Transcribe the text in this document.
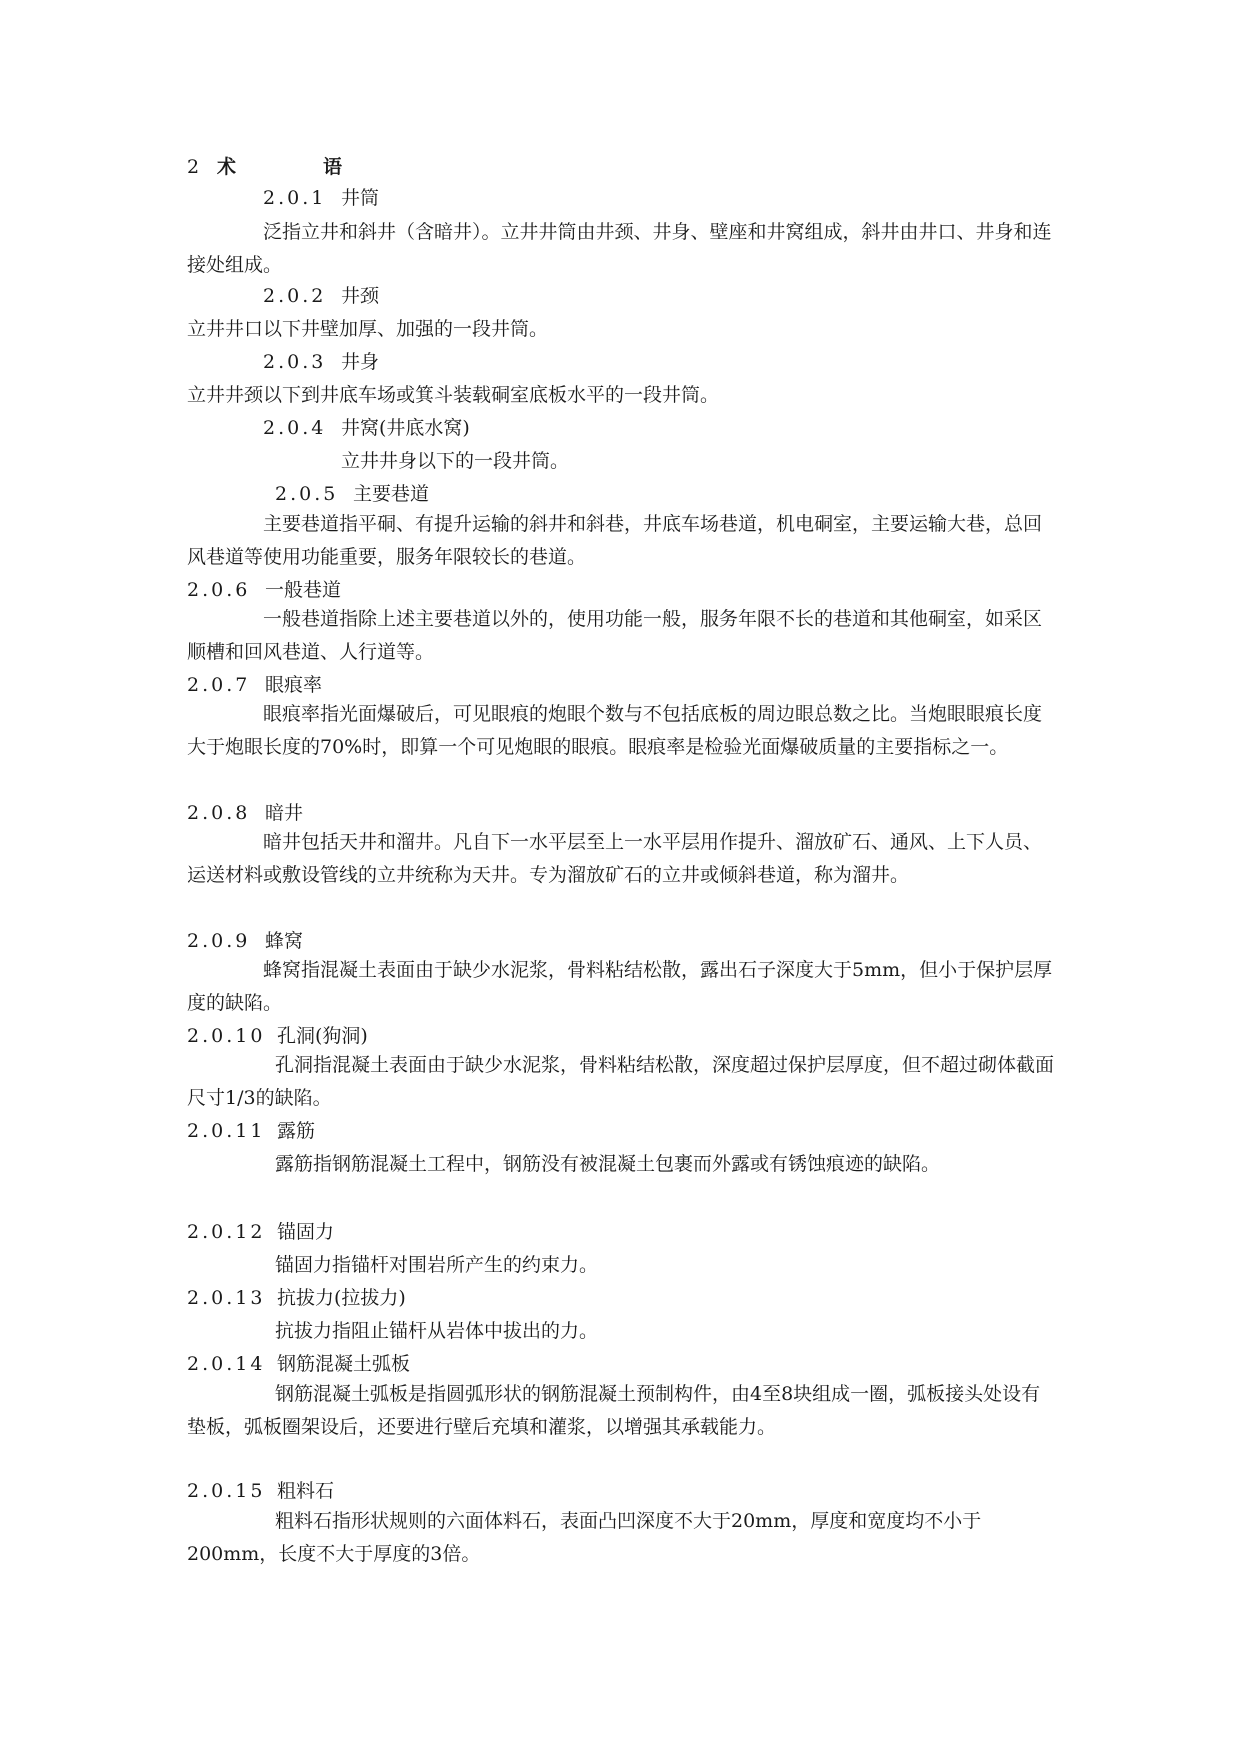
2 术　语
2.0.1 井筒
泛指立井和斜井（含暗井）。立井井筒由井颈、井身、壁座和井窝组成，斜井由井口、井身和连接处组成。
2.0.2 井颈
立井井口以下井壁加厚、加强的一段井筒。
2.0.3 井身
立井井颈以下到井底车场或箕斗装载硐室底板水平的一段井筒。
2.0.4 井窝(井底水窝)
立井井身以下的一段井筒。
2.0.5 主要巷道
主要巷道指平硐、有提升运输的斜井和斜巷，井底车场巷道，机电硐室，主要运输大巷，总回风巷道等使用功能重要，服务年限较长的巷道。
2.0.6 一般巷道
一般巷道指除上述主要巷道以外的，使用功能一般，服务年限不长的巷道和其他硐室，如采区顺槽和回风巷道、人行道等。
2.0.7 眼痕率
眼痕率指光面爆破后，可见眼痕的炮眼个数与不包括底板的周边眼总数之比。当炮眼眼痕长度大于炮眼长度的70%时，即算一个可见炮眼的眼痕。眼痕率是检验光面爆破质量的主要指标之一。
2.0.8 暗井
暗井包括天井和溜井。凡自下一水平层至上一水平层用作提升、溜放矿石、通风、上下人员、运送材料或敷设管线的立井统称为天井。专为溜放矿石的立井或倾斜巷道，称为溜井。
2.0.9 蜂窝
蜂窝指混凝土表面由于缺少水泥浆，骨料粘结松散，露出石子深度大于5mm，但小于保护层厚度的缺陷。
2.0.10 孔洞(狗洞)
孔洞指混凝土表面由于缺少水泥浆，骨料粘结松散，深度超过保护层厚度，但不超过砌体截面尺寸1/3的缺陷。
2.0.11 露筋
露筋指钢筋混凝土工程中，钢筋没有被混凝土包裹而外露或有锈蚀痕迹的缺陷。
2.0.12 锚固力
锚固力指锚杆对围岩所产生的约束力。
2.0.13 抗拔力(拉拔力)
抗拔力指阻止锚杆从岩体中拔出的力。
2.0.14 钢筋混凝土弧板
钢筋混凝土弧板是指圆弧形状的钢筋混凝土预制构件，由4至8块组成一圈，弧板接头处设有垫板，弧板圈架设后，还要进行壁后充填和灌浆，以增强其承载能力。
2.0.15 粗料石
粗料石指形状规则的六面体料石，表面凸凹深度不大于20mm，厚度和宽度均不小于200mm，长度不大于厚度的3倍。
